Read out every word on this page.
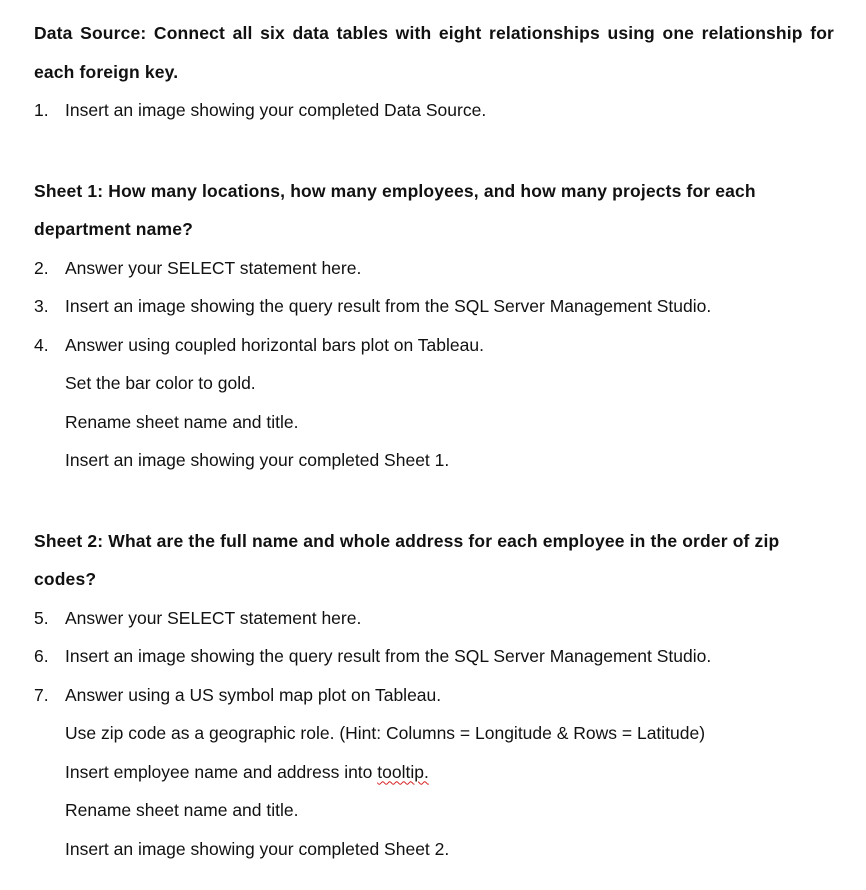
Data Source: Connect all six data tables with eight relationships using one relationship for
each foreign key.
1. Insert an image showing your completed Data Source.
Sheet 1: How many locations, how many employees, and how many projects for each
department name?
2. Answer your SELECT statement here.
3. Insert an image showing the query result from the SQL Server Management Studio.
4. Answer using coupled horizontal bars plot on Tableau.
Set the bar color to gold.
Rename sheet name and title.
Insert an image showing your completed Sheet 1.
Sheet 2: What are the full name and whole address for each employee in the order of zip
codes?
5. Answer your SELECT statement here.
6. Insert an image showing the query result from the SQL Server Management Studio.
7. Answer using a US symbol map plot on Tableau.
Use zip code as a geographic role. (Hint: Columns = Longitude & Rows = Latitude)
Insert employee name and address into tooltip.
Rename sheet name and title.
Insert an image showing your completed Sheet 2.
